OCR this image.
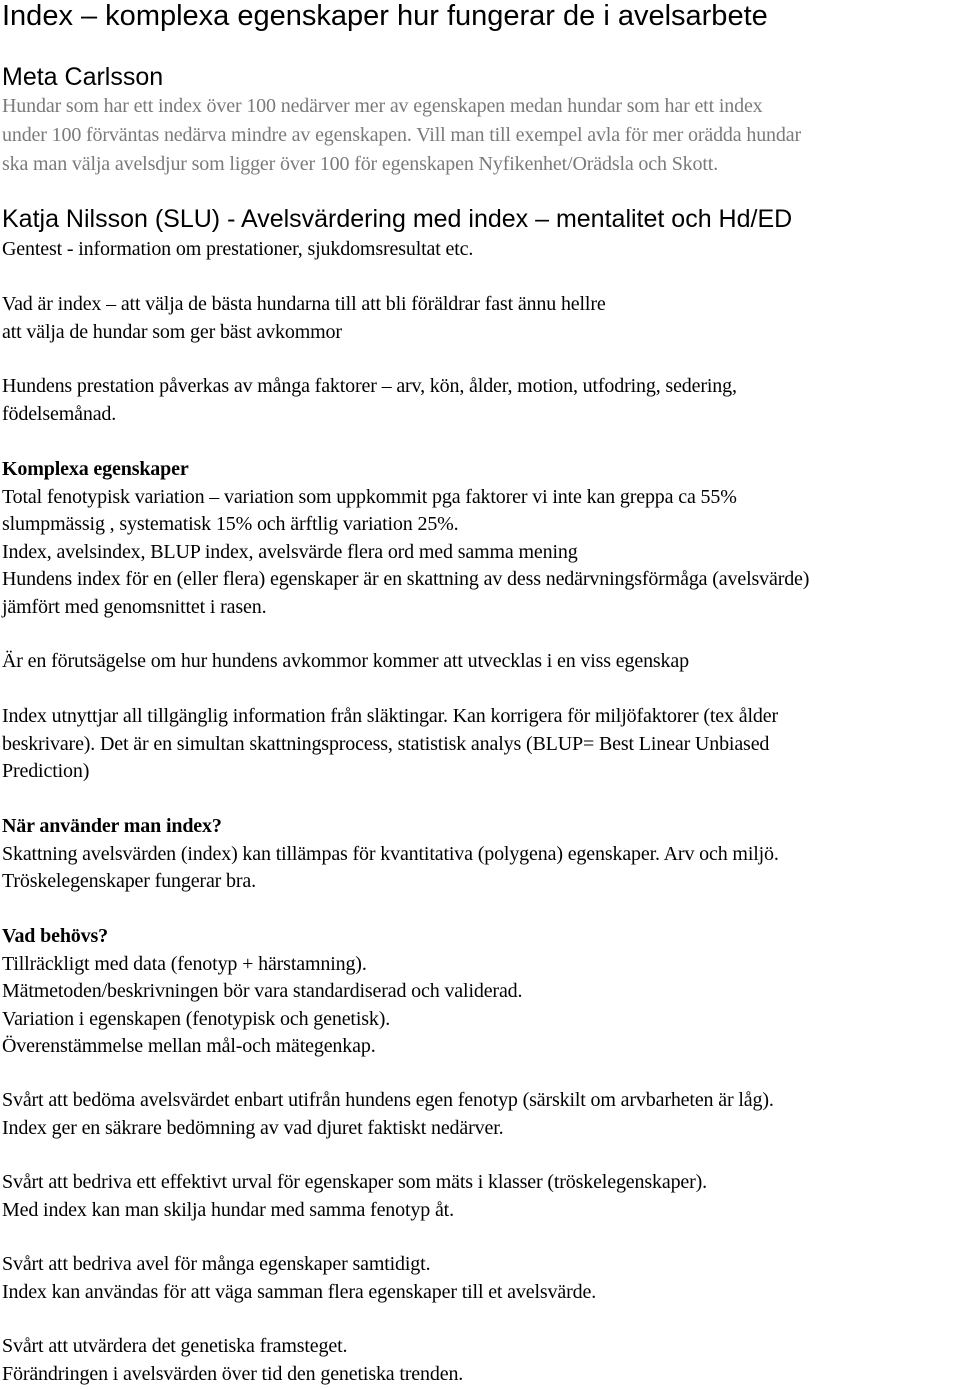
Index – komplexa egenskaper hur fungerar de i avelsarbete
Meta Carlsson
Hundar som har ett index över 100 nedärver mer av egenskapen medan hundar som har ett index
under 100 förväntas nedärva mindre av egenskapen. Vill man till exempel avla för mer orädda hundar
ska man välja avelsdjur som ligger över 100 för egenskapen Nyfikenhet/Orädsla och Skott.
Katja Nilsson (SLU) - Avelsvärdering med index – mentalitet och Hd/ED
Gentest - information om prestationer, sjukdomsresultat etc.
Vad är index – att välja de bästa hundarna till att bli föräldrar fast ännu hellre
att välja de hundar som ger bäst avkommor
Hundens prestation påverkas av många faktorer – arv, kön, ålder, motion, utfodring, sedering,
födelsemånad.
Komplexa egenskaper
Total fenotypisk variation – variation som uppkommit pga faktorer vi inte kan greppa ca 55%
slumpmässig , systematisk 15% och ärftlig variation 25%.
Index, avelsindex, BLUP index, avelsvärde flera ord med samma mening
Hundens index för en (eller flera) egenskaper är en skattning av dess nedärvningsförmåga (avelsvärde)
jämfört med genomsnittet i rasen.
Är en förutsägelse om hur hundens avkommor kommer att utvecklas i en viss egenskap
Index utnyttjar all tillgänglig information från släktingar. Kan korrigera för miljöfaktorer (tex ålder
beskrivare). Det är en simultan skattningsprocess, statistisk analys (BLUP= Best Linear Unbiased
Prediction)
När använder man index?
Skattning avelsvärden (index) kan tillämpas för kvantitativa (polygena) egenskaper. Arv och miljö.
Tröskelegenskaper fungerar bra.
Vad behövs?
Tillräckligt med data (fenotyp + härstamning).
Mätmetoden/beskrivningen bör vara standardiserad och validerad.
Variation i egenskapen (fenotypisk och genetisk).
Överenstämmelse mellan mål-och mätegenkap.
Svårt att bedöma avelsvärdet enbart utifrån hundens egen fenotyp (särskilt om arvbarheten är låg).
Index ger en säkrare bedömning av vad djuret faktiskt nedärver.
Svårt att bedriva ett effektivt urval för egenskaper som mäts i klasser (tröskelegenskaper).
Med index kan man skilja hundar med samma fenotyp åt.
Svårt att bedriva avel för många egenskaper samtidigt.
Index kan användas för att väga samman flera egenskaper till et avelsvärde.
Svårt att utvärdera det genetiska framsteget.
Förändringen i avelsvärden över tid den genetiska trenden.
